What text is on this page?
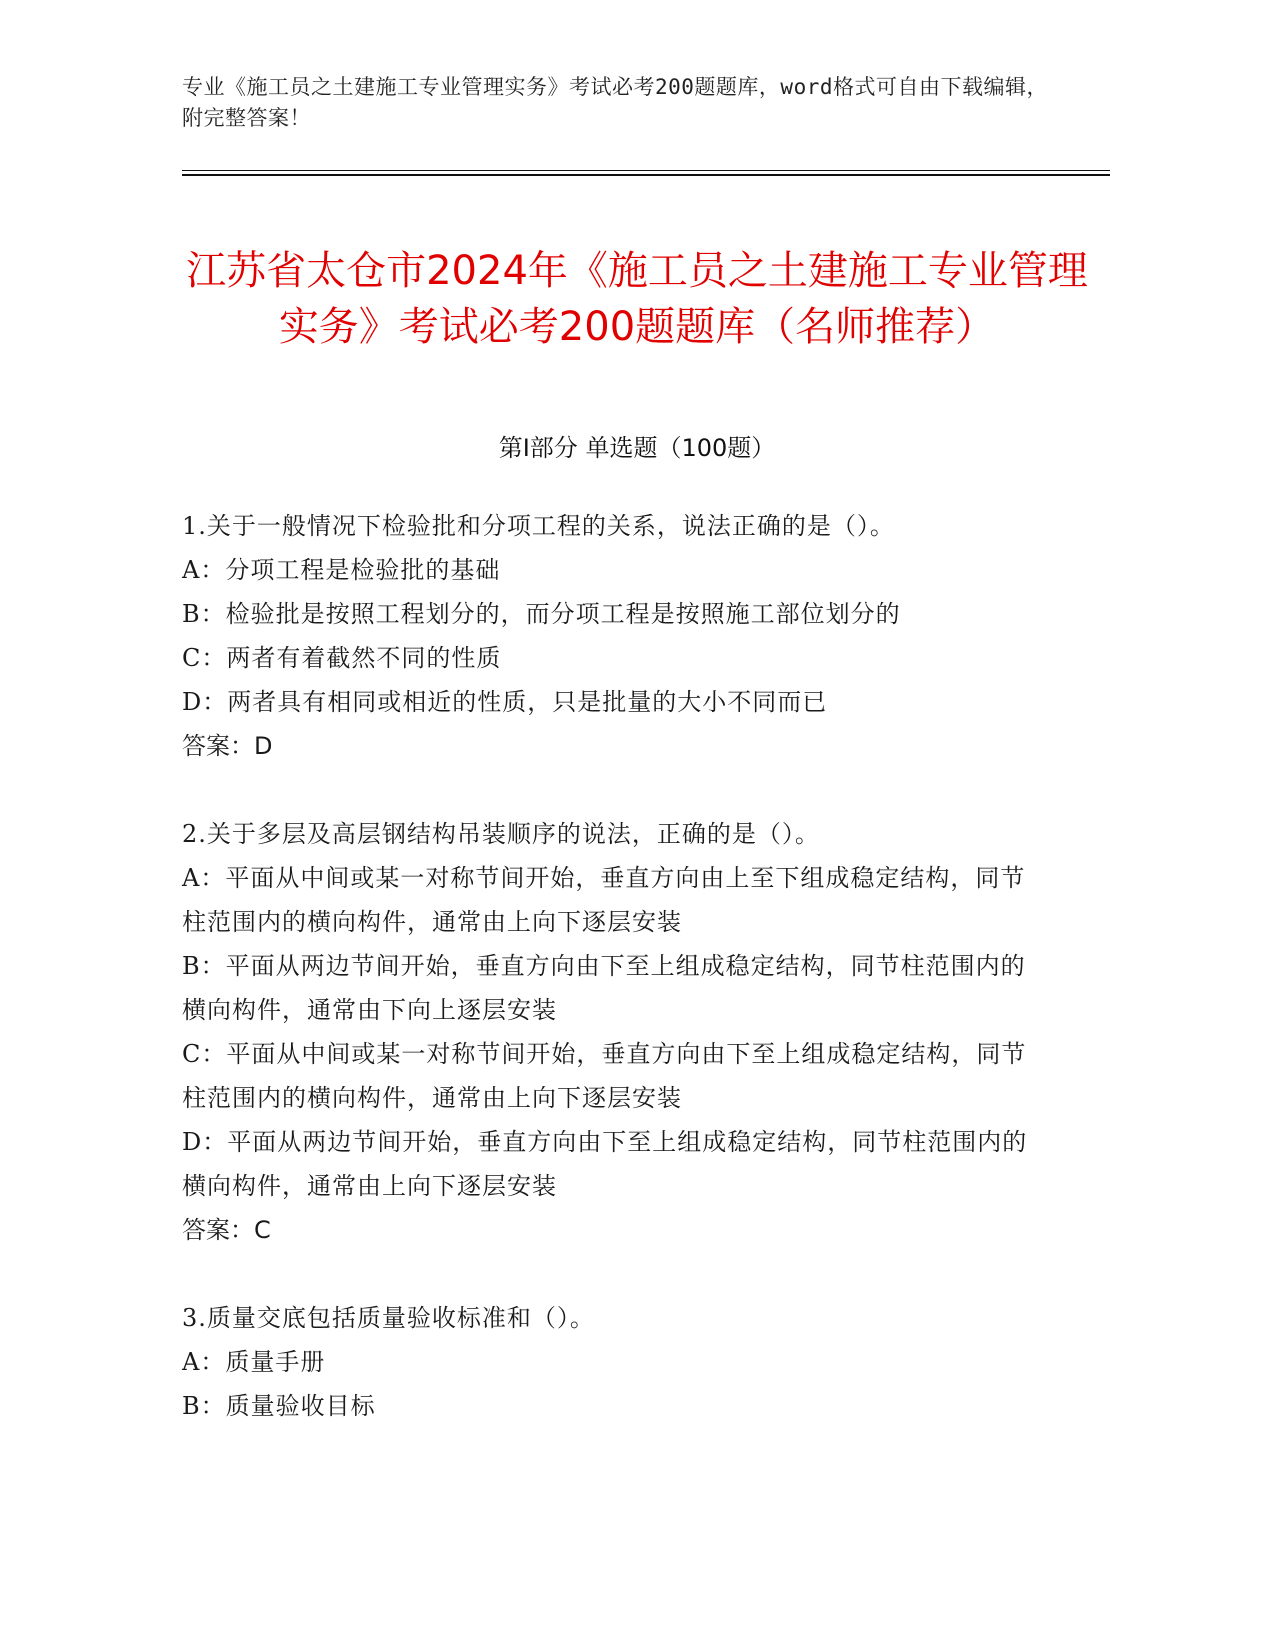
专业《施工员之土建施工专业管理实务》考试必考200题题库，word格式可自由下载编辑，附完整答案！
江苏省太仓市2024年《施工员之土建施工专业管理实务》考试必考200题题库（名师推荐）
第I部分 单选题（100题）

1.关于一般情况下检验批和分项工程的关系，说法正确的是（）。

A：分项工程是检验批的基础

B：检验批是按照工程划分的，而分项工程是按照施工部位划分的

C：两者有着截然不同的性质

D：两者具有相同或相近的性质，只是批量的大小不同而已

答案：D

2.关于多层及高层钢结构吊装顺序的说法，正确的是（）。

A：平面从中间或某一对称节间开始，垂直方向由上至下组成稳定结构，同节柱范围内的横向构件，通常由上向下逐层安装

B：平面从两边节间开始，垂直方向由下至上组成稳定结构，同节柱范围内的横向构件，通常由下向上逐层安装

C：平面从中间或某一对称节间开始，垂直方向由下至上组成稳定结构，同节柱范围内的横向构件，通常由上向下逐层安装

D：平面从两边节间开始，垂直方向由下至上组成稳定结构，同节柱范围内的横向构件，通常由上向下逐层安装

答案：C

3.质量交底包括质量验收标准和（）。

A：质量手册

B：质量验收目标
